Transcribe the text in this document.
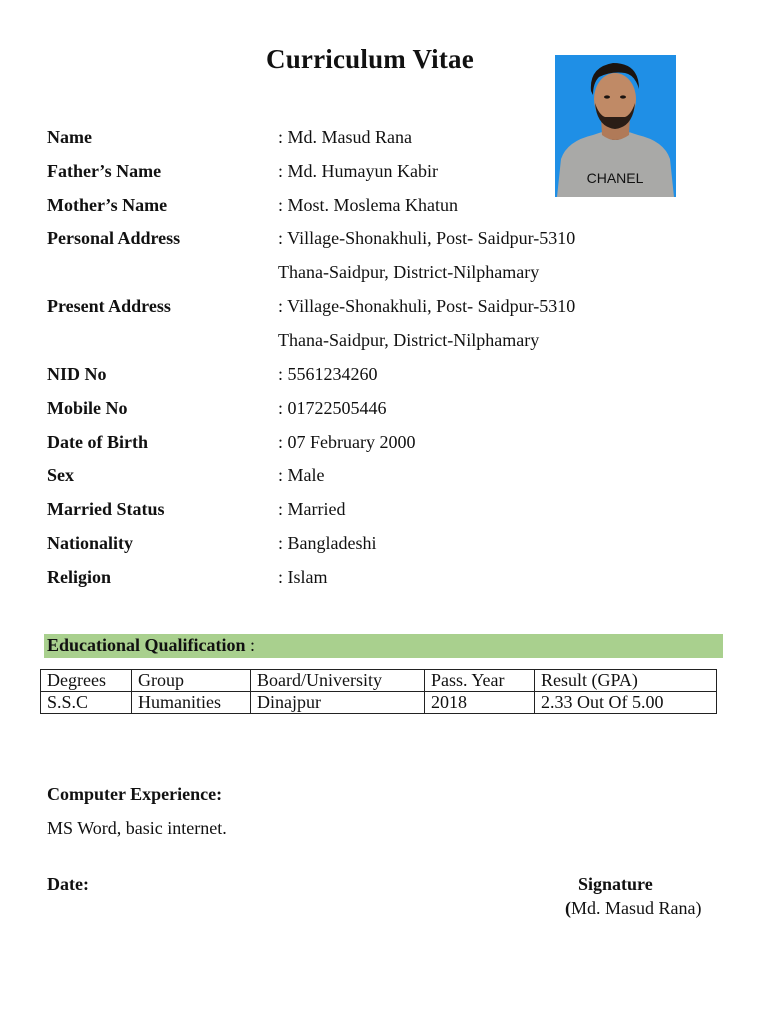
Curriculum Vitae
CHANEL
Name	: Md. Masud Rana
Father’s Name	: Md. Humayun Kabir
Mother’s Name	: Most. Moslema Khatun
Personal Address	: Village-Shonakhuli, Post- Saidpur-5310
Thana-Saidpur, District-Nilphamary
Present Address	: Village-Shonakhuli, Post- Saidpur-5310
Thana-Saidpur, District-Nilphamary
NID No	: 5561234260
Mobile No	: 01722505446
Date of Birth	: 07 February 2000
Sex	: Male
Married Status	: Married
Nationality	: Bangladeshi
Religion	: Islam
Educational Qualification :
Degrees	Group	Board/University	Pass. Year	Result (GPA)
S.S.C	Humanities	Dinajpur	2018	2.33 Out Of 5.00
Computer Experience:
MS Word, basic internet.
Date:	Signature
(Md. Masud Rana)
